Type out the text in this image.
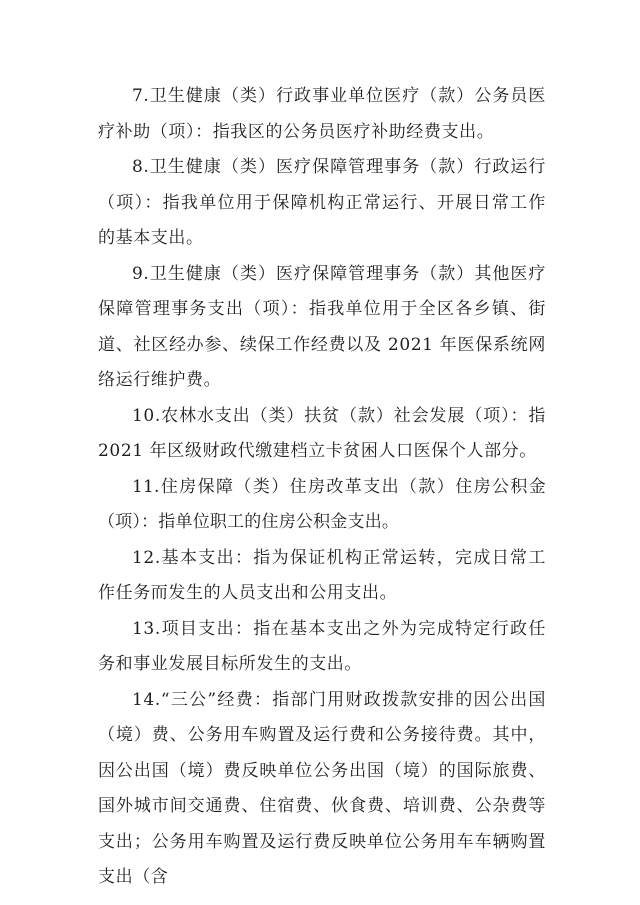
7.卫生健康（类）行政事业单位医疗（款）公务员医疗补助（项）：指我区的公务员医疗补助经费支出。

8.卫生健康（类）医疗保障管理事务（款）行政运行（项）：指我单位用于保障机构正常运行、开展日常工作的基本支出。

9.卫生健康（类）医疗保障管理事务（款）其他医疗保障管理事务支出（项）：指我单位用于全区各乡镇、街道、社区经办参、续保工作经费以及 2021 年医保系统网络运行维护费。

10.农林水支出（类）扶贫（款）社会发展（项）：指 2021 年区级财政代缴建档立卡贫困人口医保个人部分。

11.住房保障（类）住房改革支出（款）住房公积金（项）：指单位职工的住房公积金支出。

12.基本支出：指为保证机构正常运转，完成日常工作任务而发生的人员支出和公用支出。

13.项目支出：指在基本支出之外为完成特定行政任务和事业发展目标所发生的支出。

14.“三公”经费：指部门用财政拨款安排的因公出国（境）费、公务用车购置及运行费和公务接待费。其中，因公出国（境）费反映单位公务出国（境）的国际旅费、国外城市间交通费、住宿费、伙食费、培训费、公杂费等支出；公务用车购置及运行费反映单位公务用车车辆购置支出（含
